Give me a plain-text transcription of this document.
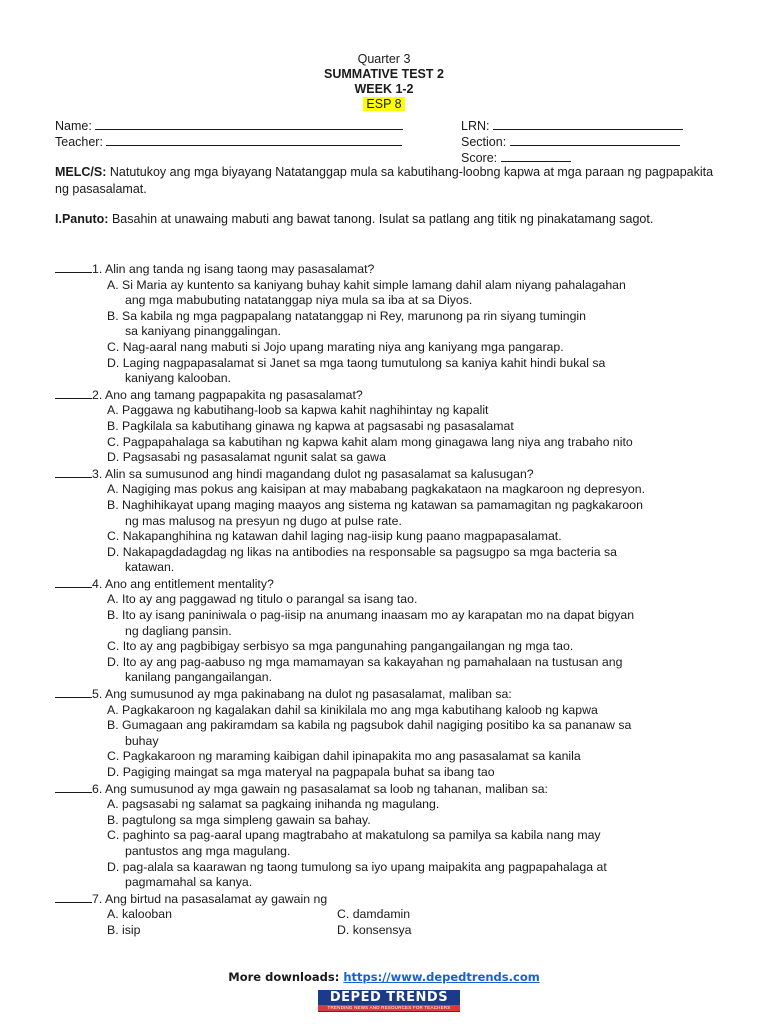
Quarter 3
SUMMATIVE TEST 2
WEEK 1-2
ESP 8
Name:
Teacher:
LRN:
Section:
Score:
MELC/S: Natutukoy ang mga biyayang Natatanggap mula sa kabutihang-loobng kapwa at mga paraan ng pagpapakita ng pasasalamat.
I.Panuto: Basahin at unawaing mabuti ang bawat tanong. Isulat sa patlang ang titik ng pinakatamang sagot.
1. Alin ang tanda ng isang taong may pasasalamat?
A. Si Maria ay kuntento sa kaniyang buhay kahit simple lamang dahil alam niyang pahalagahan
ang mga mabubuting natatanggap niya mula sa iba at sa Diyos.
B. Sa kabila ng mga pagpapalang natatanggap ni Rey, marunong pa rin siyang tumingin
sa kaniyang pinanggalingan.
C. Nag-aaral nang mabuti si Jojo upang marating niya ang kaniyang mga pangarap.
D. Laging nagpapasalamat si Janet sa mga taong tumutulong sa kaniya kahit hindi bukal sa
kaniyang kalooban.
2. Ano ang tamang pagpapakita ng pasasalamat?
A. Paggawa ng kabutihang-loob sa kapwa kahit naghihintay ng kapalit
B. Pagkilala sa kabutihang ginawa ng kapwa at pagsasabi ng pasasalamat
C. Pagpapahalaga sa kabutihan ng kapwa kahit alam mong ginagawa lang niya ang trabaho nito
D. Pagsasabi ng pasasalamat ngunit salat sa gawa
3. Alin sa sumusunod ang hindi magandang dulot ng pasasalamat sa kalusugan?
A. Nagiging mas pokus ang kaisipan at may mababang pagkakataon na magkaroon ng depresyon.
B. Naghihikayat upang maging maayos ang sistema ng katawan sa pamamagitan ng pagkakaroon
ng mas malusog na presyun ng dugo at pulse rate.
C. Nakapanghihina ng katawan dahil laging nag-iisip kung paano magpapasalamat.
D. Nakapagdadagdag ng likas na antibodies na responsable sa pagsugpo sa mga bacteria sa
katawan.
4. Ano ang entitlement mentality?
A. Ito ay ang paggawad ng titulo o parangal sa isang tao.
B. Ito ay isang paniniwala o pag-iisip na anumang inaasam mo ay karapatan mo na dapat bigyan
ng dagliang pansin.
C. Ito ay ang pagbibigay serbisyo sa mga pangunahing pangangailangan ng mga tao.
D. Ito ay ang pag-aabuso ng mga mamamayan sa kakayahan ng pamahalaan na tustusan ang
kanilang pangangailangan.
5. Ang sumusunod ay mga pakinabang na dulot ng pasasalamat, maliban sa:
A. Pagkakaroon ng kagalakan dahil sa kinikilala mo ang mga kabutihang kaloob ng kapwa
B. Gumagaan ang pakiramdam sa kabila ng pagsubok dahil nagiging positibo ka sa pananaw sa
buhay
C. Pagkakaroon ng maraming kaibigan dahil ipinapakita mo ang pasasalamat sa kanila
D. Pagiging maingat sa mga materyal na pagpapala buhat sa ibang tao
6. Ang sumusunod ay mga gawain ng pasasalamat sa loob ng tahanan, maliban sa:
A. pagsasabi ng salamat sa pagkaing inihanda ng magulang.
B. pagtulong sa mga simpleng gawain sa bahay.
C. paghinto sa pag-aaral upang magtrabaho at makatulong sa pamilya sa kabila nang may
pantustos ang mga magulang.
D. pag-alala sa kaarawan ng taong tumulong sa iyo upang maipakita ang pagpapahalaga at
pagmamahal sa kanya.
7. Ang birtud na pasasalamat ay gawain ng
A. kalooban	C. damdamin
B. isip	D. konsensya
More downloads: https://www.depedtrends.com
DEPED TRENDS
TRENDING NEWS AND RESOURCES FOR TEACHERS
